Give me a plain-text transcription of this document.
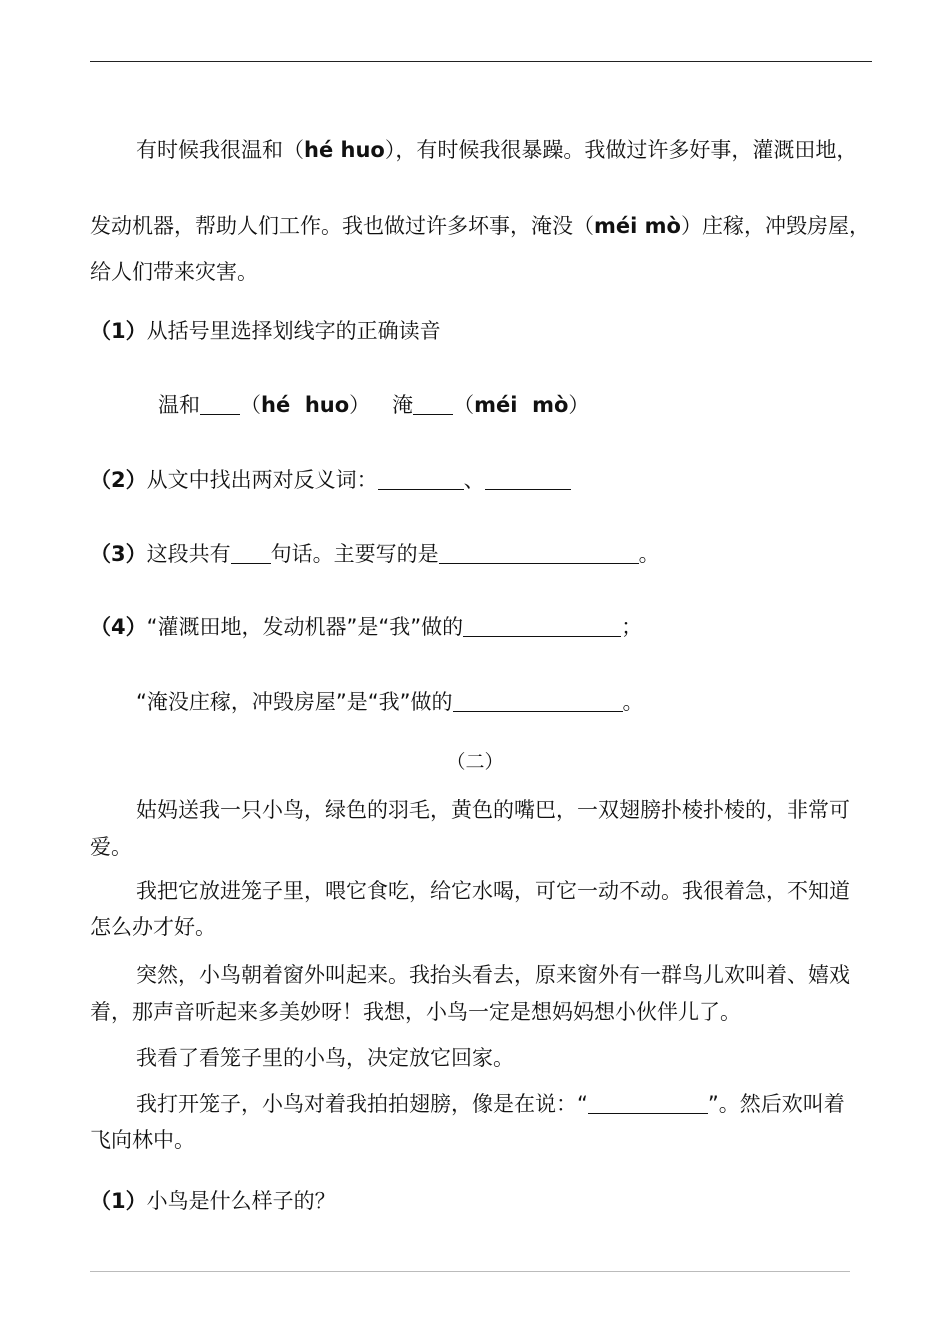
有时候我很温和（hé huo），有时候我很暴躁。我做过许多好事，灌溉田地，
发动机器，帮助人们工作。我也做过许多坏事，淹没（méi mò）庄稼，冲毁房屋，
给人们带来灾害。
（1）从括号里选择划线字的正确读音
温和 （hé  huo） 淹 （méi  mò）
（2）从文中找出两对反义词：	、
（3）这段共有 句话。主要写的是	。
（4）“灌溉田地，发动机器”是“我”做的	；
“淹没庄稼，冲毁房屋”是“我”做的	。
（二）
姑妈送我一只小鸟，绿色的羽毛，黄色的嘴巴，一双翅膀扑棱扑棱的，非常可
爱。
我把它放进笼子里，喂它食吃，给它水喝，可它一动不动。我很着急，不知道
怎么办才好。
突然，小鸟朝着窗外叫起来。我抬头看去，原来窗外有一群鸟儿欢叫着、嬉戏
着，那声音听起来多美妙呀！我想，小鸟一定是想妈妈想小伙伴儿了。
我看了看笼子里的小鸟，决定放它回家。
我打开笼子，小鸟对着我拍拍翅膀，像是在说：“	”。然后欢叫着
飞向林中。
（1）小鸟是什么样子的？
